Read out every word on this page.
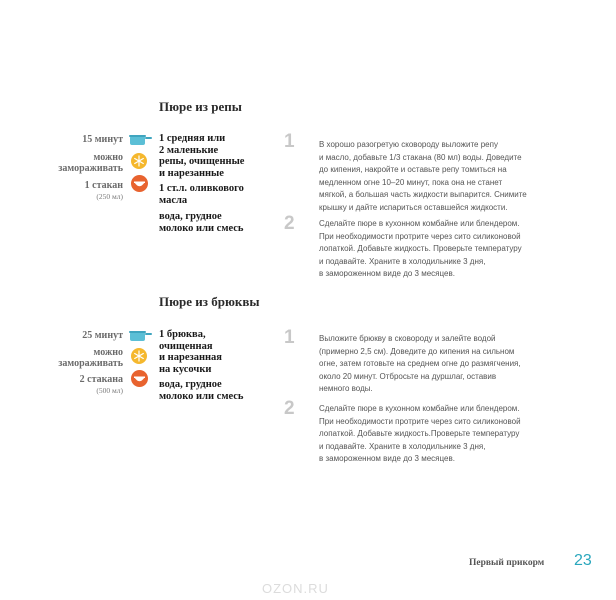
Пюре из репы
15 минут
можно
замораживать
1 стакан
(250 мл)
1 средняя или
2 маленькие
репы, очищенные
и нарезанные
1 ст.л. оливкового
масла
вода, грудное
молоко или смесь
1	В хорошо разогретую сковороду выложите репу
и масло, добавьте 1/3 стакана (80 мл) воды. Доведите
до кипения, накройте и оставьте репу томиться на
медленном огне 10–20 минут, пока она не станет
мягкой, а большая часть жидкости выпарится. Снимите
крышку и дайте испариться оставшейся жидкости.
2	Сделайте пюре в кухонном комбайне или блендером.
При необходимости протрите через сито силиконовой
лопаткой. Добавьте жидкость. Проверьте температуру
и подавайте. Храните в холодильнике 3 дня,
в замороженном виде до 3 месяцев.
Пюре из брюквы
25 минут
можно
замораживать
2 стакана
(500 мл)
1 брюква,
очищенная
и нарезанная
на кусочки
вода, грудное
молоко или смесь
1	Выложите брюкву в сковороду и залейте водой
(примерно 2,5 см). Доведите до кипения на сильном
огне, затем готовьте на среднем огне до размягчения,
около 20 минут. Отбросьте на дуршлаг, оставив
немного воды.
2	Сделайте пюре в кухонном комбайне или блендером.
При необходимости протрите через сито силиконовой
лопаткой. Добавьте жидкость.Проверьте температуру
и подавайте. Храните в холодильнике 3 дня,
в замороженном виде до 3 месяцев.
Первый прикорм 23
OZON.RU
